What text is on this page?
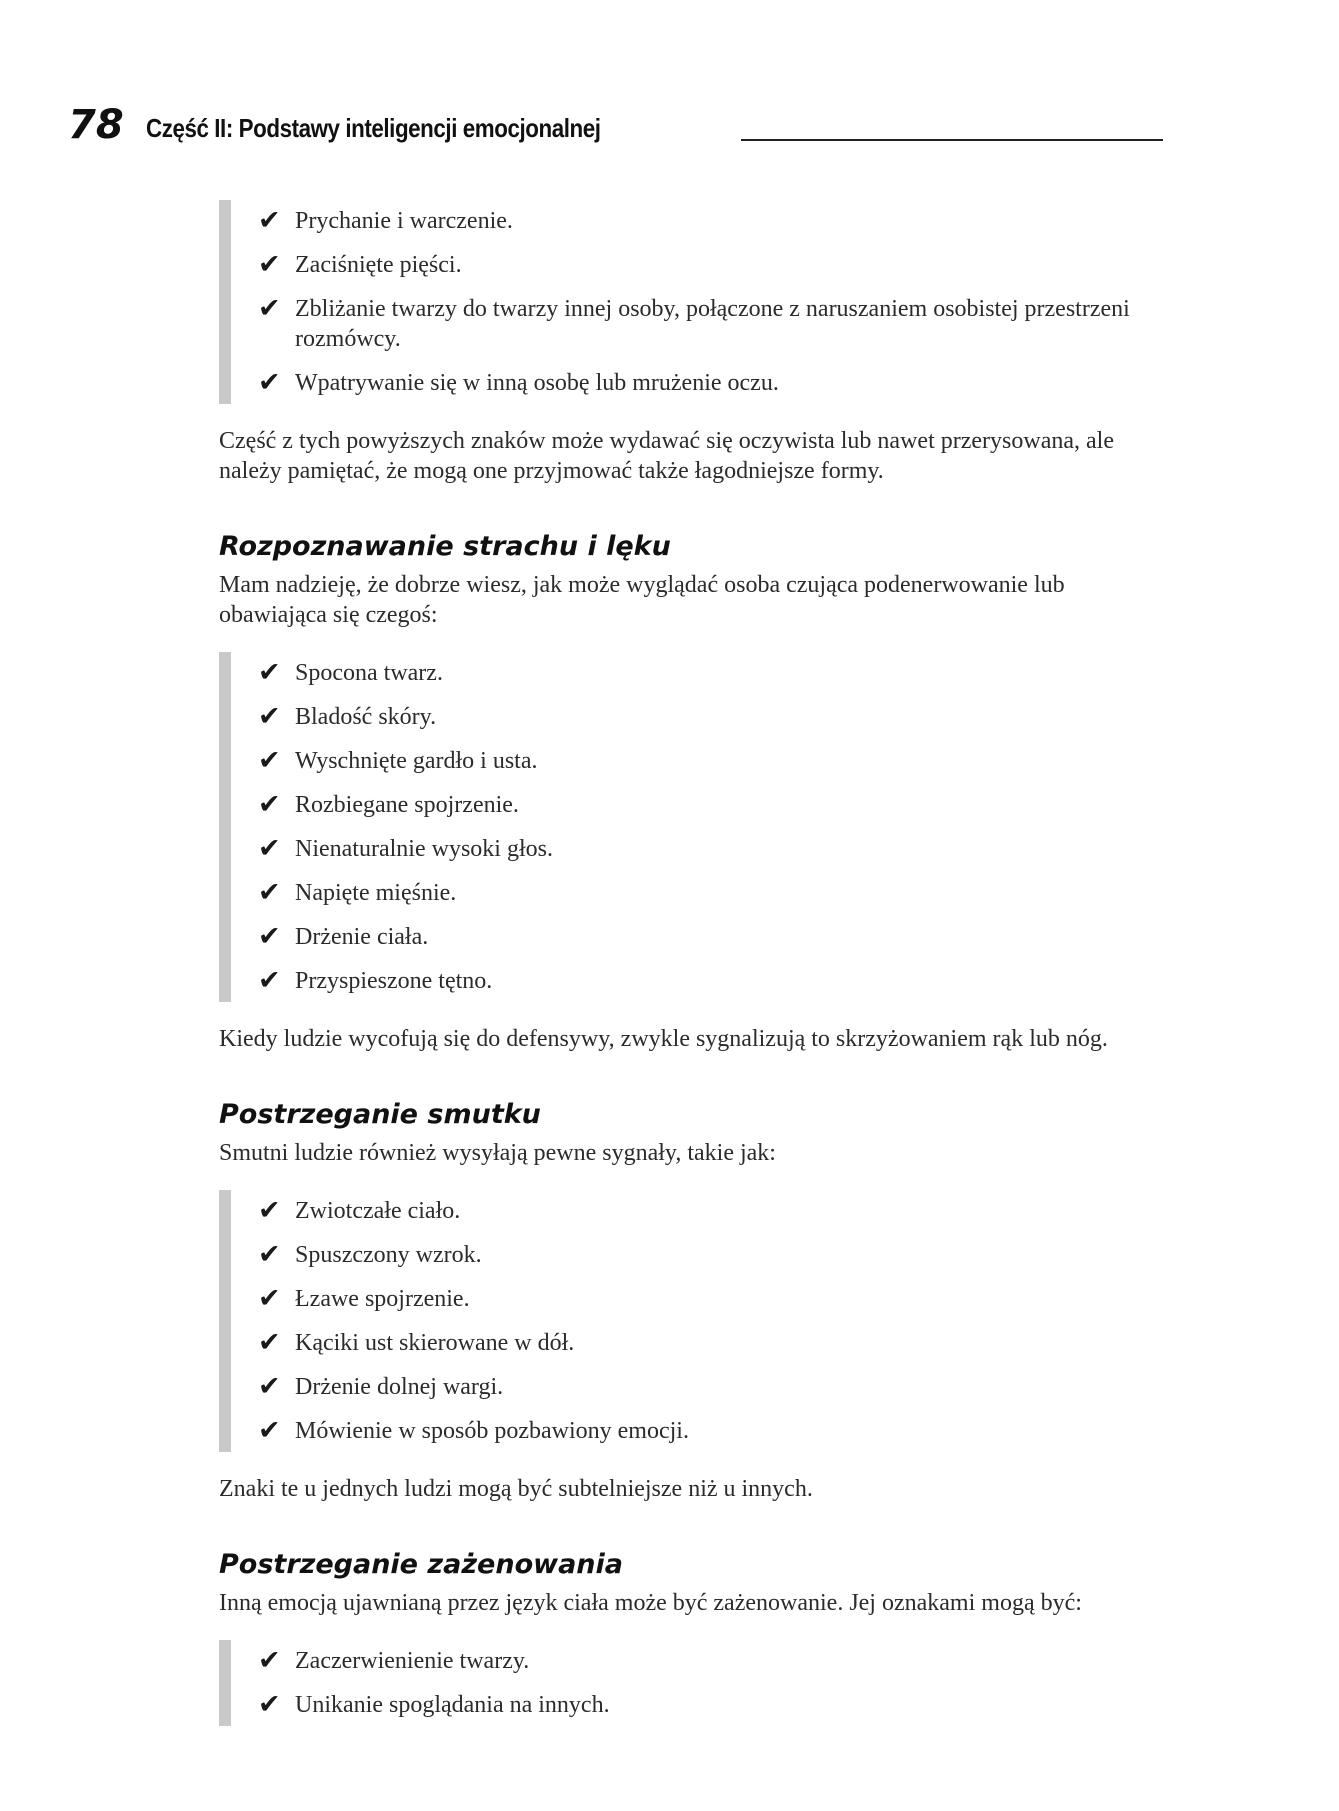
78 Część II: Podstawy inteligencji emocjonalnej
✔ Prychanie i warczenie.
✔ Zaciśnięte pięści.
✔ Zbliżanie twarzy do twarzy innej osoby, połączone z naruszaniem osobistej przestrzeni rozmówcy.
✔ Wpatrywanie się w inną osobę lub mrużenie oczu.

Część z tych powyższych znaków może wydawać się oczywista lub nawet przerysowana, ale należy pamiętać, że mogą one przyjmować także łagodniejsze formy.

Rozpoznawanie strachu i lęku

Mam nadzieję, że dobrze wiesz, jak może wyglądać osoba czująca podenerwowanie lub obawiająca się czegoś:

✔ Spocona twarz.
✔ Bladość skóry.
✔ Wyschnięte gardło i usta.
✔ Rozbiegane spojrzenie.
✔ Nienaturalnie wysoki głos.
✔ Napięte mięśnie.
✔ Drżenie ciała.
✔ Przyspieszone tętno.

Kiedy ludzie wycofują się do defensywy, zwykle sygnalizują to skrzyżowaniem rąk lub nóg.

Postrzeganie smutku

Smutni ludzie również wysyłają pewne sygnały, takie jak:

✔ Zwiotczałe ciało.
✔ Spuszczony wzrok.
✔ Łzawe spojrzenie.
✔ Kąciki ust skierowane w dół.
✔ Drżenie dolnej wargi.
✔ Mówienie w sposób pozbawiony emocji.

Znaki te u jednych ludzi mogą być subtelniejsze niż u innych.

Postrzeganie zażenowania

Inną emocją ujawnianą przez język ciała może być zażenowanie. Jej oznakami mogą być:

✔ Zaczerwienienie twarzy.
✔ Unikanie spoglądania na innych.
